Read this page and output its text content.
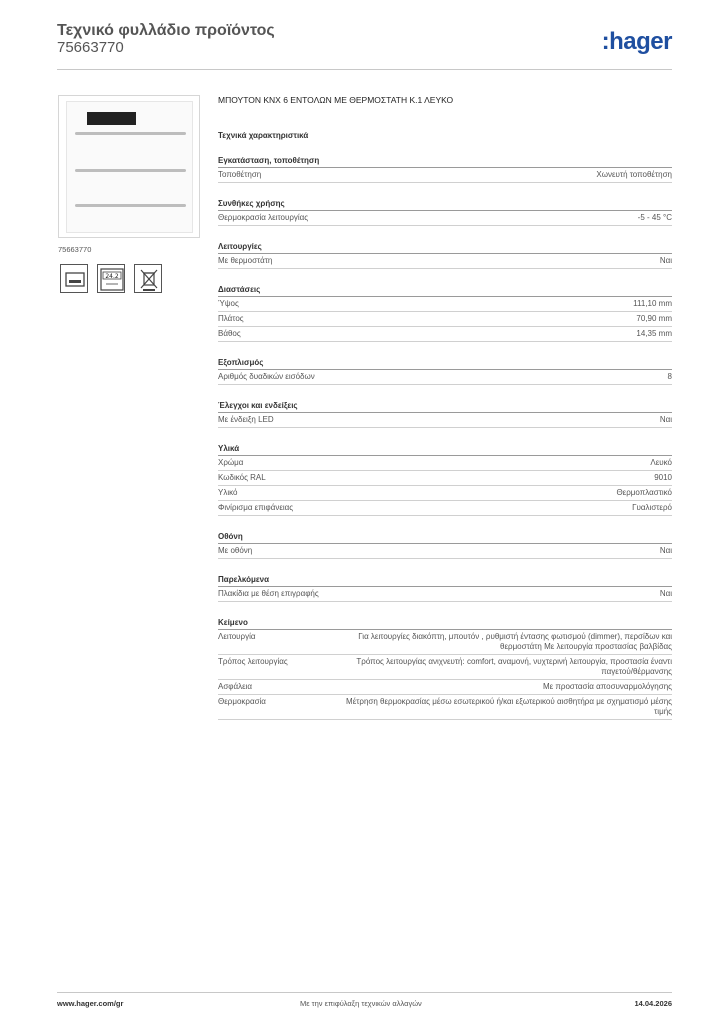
Τεχνικό φυλλάδιο προϊόντος
75663770	:hager
75663770
24.2
ΜΠΟΥΤΟΝ KNX 6 ΕΝΤΟΛΩΝ ΜΕ ΘΕΡΜΟΣΤΑΤΗ Κ.1 ΛΕΥΚΟ
Τεχνικά χαρακτηριστικά
Εγκατάσταση, τοποθέτηση
Τοποθέτηση	Χωνευτή τοποθέτηση
Συνθήκες χρήσης
Θερμοκρασία λειτουργίας	-5 - 45 °C
Λειτουργίες
Με θερμοστάτη	Ναι
Διαστάσεις
Ύψος	111,10 mm
Πλάτος	70,90 mm
Βάθος	14,35 mm
Εξοπλισμός
Αριθμός δυαδικών εισόδων	8
Έλεγχοι και ενδείξεις
Με ένδειξη LED	Ναι
Υλικά
Χρώμα	Λευκό
Κωδικός RAL	9010
Υλικό	Θερμοπλαστικό
Φινίρισμα επιφάνειας	Γυαλιστερό
Οθόνη
Με οθόνη	Ναι
Παρελκόμενα
Πλακίδια με θέση επιγραφής	Ναι
Κείμενο
Λειτουργία	Για λειτουργίες διακόπτη, μπουτόν , ρυθμιστή έντασης φωτισμού (dimmer), περσίδων και θερμοστάτη Με λειτουργία προστασίας βαλβίδας
Τρόπος λειτουργίας	Τρόπος λειτουργίας ανιχνευτή: comfort, αναμονή, νυχτερινή λειτουργία, προστασία έναντι παγετού/θέρμανσης
Ασφάλεια	Με προστασία αποσυναρμολόγησης
Θερμοκρασία	Μέτρηση θερμοκρασίας μέσω εσωτερικού ή/και εξωτερικού αισθητήρα με σχηματισμό μέσης τιμής
www.hager.com/gr	Με την επιφύλαξη τεχνικών αλλαγών	14.04.2026
